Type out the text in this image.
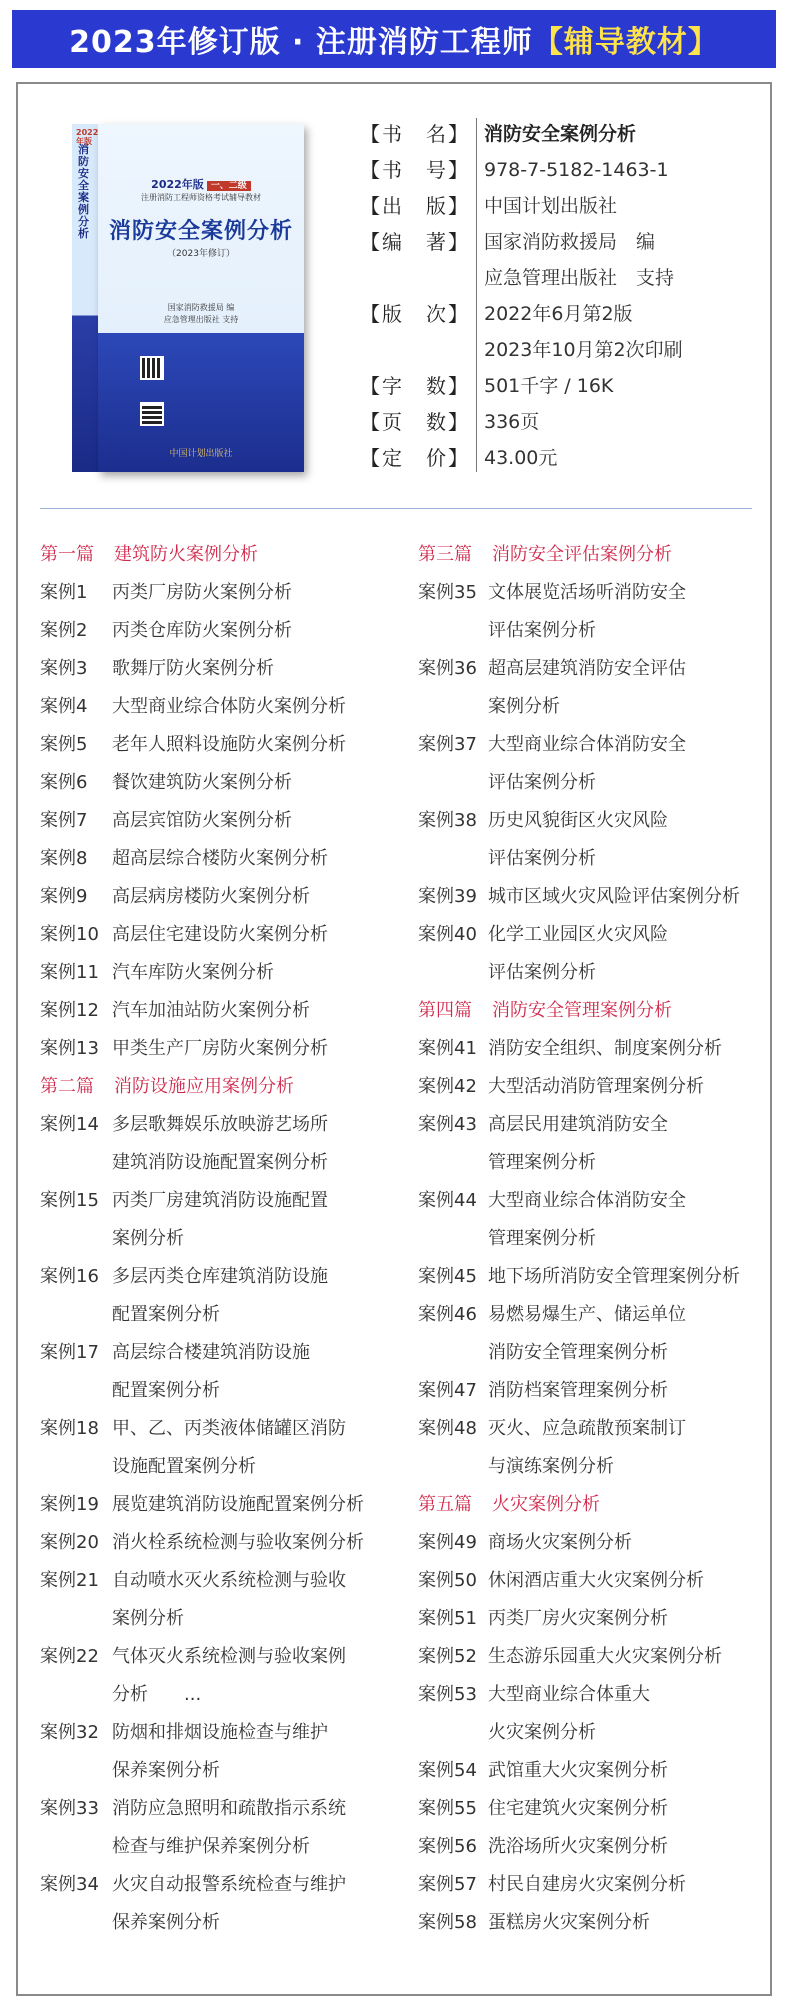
2023年修订版 · 注册消防工程师 【辅导教材】
2022年版
消防安全案例分析
2022年版 一、二级
注册消防工程师资格考试辅导教材
消防安全案例分析
（2023年修订）
国家消防救援局 编
应急管理出版社 支持
中国计划出版社
【书　名】 消防安全案例分析
【书　号】 978-7-5182-1463-1
【出　版】 中国计划出版社
【编　著】 国家消防救援局　编
应急管理出版社　支持
【版　次】 2022年6月第2版
2023年10月第2次印刷
【字　数】 501千字 / 16K
【页　数】 336页
【定　价】 43.00元
第一篇 建筑防火案例分析
案例1 丙类厂房防火案例分析
案例2 丙类仓库防火案例分析
案例3 歌舞厅防火案例分析
案例4 大型商业综合体防火案例分析
案例5 老年人照料设施防火案例分析
案例6 餐饮建筑防火案例分析
案例7 高层宾馆防火案例分析
案例8 超高层综合楼防火案例分析
案例9 高层病房楼防火案例分析
案例10 高层住宅建设防火案例分析
案例11 汽车库防火案例分析
案例12 汽车加油站防火案例分析
案例13 甲类生产厂房防火案例分析
第二篇 消防设施应用案例分析
案例14 多层歌舞娱乐放映游艺场所
建筑消防设施配置案例分析
案例15 丙类厂房建筑消防设施配置
案例分析
案例16 多层丙类仓库建筑消防设施
配置案例分析
案例17 高层综合楼建筑消防设施
配置案例分析
案例18 甲、乙、丙类液体储罐区消防
设施配置案例分析
案例19 展览建筑消防设施配置案例分析
案例20 消火栓系统检测与验收案例分析
案例21 自动喷水灭火系统检测与验收
案例分析
案例22 气体灭火系统检测与验收案例
分析　　...
案例32 防烟和排烟设施检查与维护
保养案例分析
案例33 消防应急照明和疏散指示系统
检查与维护保养案例分析
案例34 火灾自动报警系统检查与维护
保养案例分析
第三篇 消防安全评估案例分析
案例35 文体展览活场听消防安全
评估案例分析
案例36 超高层建筑消防安全评估
案例分析
案例37 大型商业综合体消防安全
评估案例分析
案例38 历史风貌街区火灾风险
评估案例分析
案例39 城市区域火灾风险评估案例分析
案例40 化学工业园区火灾风险
评估案例分析
第四篇 消防安全管理案例分析
案例41 消防安全组织、制度案例分析
案例42 大型活动消防管理案例分析
案例43 高层民用建筑消防安全
管理案例分析
案例44 大型商业综合体消防安全
管理案例分析
案例45 地下场所消防安全管理案例分析
案例46 易燃易爆生产、储运单位
消防安全管理案例分析
案例47 消防档案管理案例分析
案例48 灭火、应急疏散预案制订
与演练案例分析
第五篇 火灾案例分析
案例49 商场火灾案例分析
案例50 休闲酒店重大火灾案例分析
案例51 丙类厂房火灾案例分析
案例52 生态游乐园重大火灾案例分析
案例53 大型商业综合体重大
火灾案例分析
案例54 武馆重大火灾案例分析
案例55 住宅建筑火灾案例分析
案例56 洗浴场所火灾案例分析
案例57 村民自建房火灾案例分析
案例58 蛋糕房火灾案例分析
